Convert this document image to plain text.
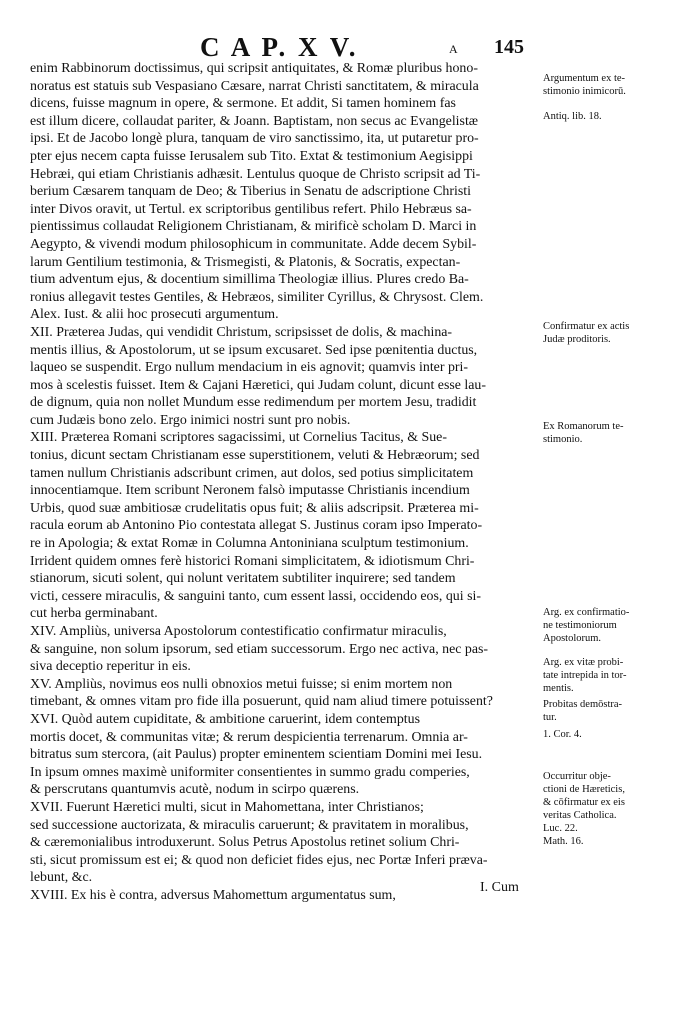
C A P. X V.	A 145

enim Rabbinorum doctissimus, qui scripsit antiquitates, & Romæ pluribus hono-

noratus est statuis sub Vespasiano Cæsare, narrat Christi sanctitatem, & miracula

dicens, fuisse magnum in opere, & sermone. Et addit, Si tamen hominem fas

est illum dicere, collaudat pariter, & Joann. Baptistam, non secus ac Evangelistæ

ipsi. Et de Jacobo longè plura, tanquam de viro sanctissimo, ita, ut putaretur pro-

pter ejus necem capta fuisse Ierusalem sub Tito. Extat & testimonium Aegisippi

Hebræi, qui etiam Christianis adhæsit. Lentulus quoque de Christo scripsit ad Ti-

berium Cæsarem tanquam de Deo; & Tiberius in Senatu de adscriptione Christi

inter Divos oravit, ut Tertul. ex scriptoribus gentilibus refert. Philo Hebræus sa-

pientissimus collaudat Religionem Christianam, & mirificè scholam D. Marci in

Aegypto, & vivendi modum philosophicum in communitate. Adde decem Sybil-

larum Gentilium testimonia, & Trismegisti, & Platonis, & Socratis, expectan-

tium adventum ejus, & docentium simillima Theologiæ illius. Plures credo Ba-

ronius allegavit testes Gentiles, & Hebræos, similiter Cyrillus, & Chrysost. Clem.

Alex. Iust. & alii hoc prosecuti argumentum.

XII. Præterea Judas, qui vendidit Christum, scripsisset de dolis, & machina-

mentis illius, & Apostolorum, ut se ipsum excusaret. Sed ipse pœnitentia ductus,

laqueo se suspendit. Ergo nullum mendacium in eis agnovit; quamvis inter pri-

mos à scelestis fuisset. Item & Cajani Hæretici, qui Judam colunt, dicunt esse lau-

de dignum, quia non nollet Mundum esse redimendum per mortem Jesu, tradidit

cum Judæis bono zelo. Ergo inimici nostri sunt pro nobis.

XIII. Præterea Romani scriptores sagacissimi, ut Cornelius Tacitus, & Sue-

tonius, dicunt sectam Christianam esse superstitionem, veluti & Hebræorum; sed

tamen nullum Christianis adscribunt crimen, aut dolos, sed potius simplicitatem

innocentiamque. Item scribunt Neronem falsò imputasse Christianis incendium

Urbis, quod suæ ambitiosæ crudelitatis opus fuit; & aliis adscripsit. Præterea mi-

racula eorum ab Antonino Pio contestata allegat S. Justinus coram ipso Imperato-

re in Apologia; & extat Romæ in Columna Antoniniana sculptum testimonium.

Irrident quidem omnes ferè historici Romani simplicitatem, & idiotismum Chri-

stianorum, sicuti solent, qui nolunt veritatem subtiliter inquirere; sed tandem

victi, cessere miraculis, & sanguini tanto, cum essent lassi, occidendo eos, qui si-

cut herba germinabant.

XIV. Ampliùs, universa Apostolorum contestificatio confirmatur miraculis,

& sanguine, non solum ipsorum, sed etiam successorum. Ergo nec activa, nec pas-

siva deceptio reperitur in eis.

XV. Ampliùs, novimus eos nulli obnoxios metui fuisse; si enim mortem non

timebant, & omnes vitam pro fide illa posuerunt, quid nam aliud timere potuissent?

XVI. Quòd autem cupiditate, & ambitione caruerint, idem contemptus

mortis docet, & communitas vitæ; & rerum despicientia terrenarum. Omnia ar-

bitratus sum stercora, (ait Paulus) propter eminentem scientiam Domini mei Iesu.

In ipsum omnes maximè uniformiter consentientes in summo gradu comperies,

& perscrutans quantumvis acutè, nodum in scirpo quærens.

XVII. Fuerunt Hæretici multi, sicut in Mahomettana, inter Christianos;

sed successione auctorizata, & miraculis caruerunt; & pravitatem in moralibus,

& cæremonialibus introduxerunt. Solus Petrus Apostolus retinet solium Chri-

sti, sicut promissum est ei; & quod non deficiet fides ejus, nec Portæ Inferi præva-

lebunt, &c.

XVIII. Ex his è contra, adversus Mahomettum argumentatus sum,

I. Cum
Argumentum ex te-
stimonio inimicorū.
Antiq. lib. 18.
Confirmatur ex actis
Judæ proditoris.
Ex Romanorum te-
stimonio.
Arg. ex confirmatio-
ne testimoniorum
Apostolorum.
Arg. ex vitæ probi-
tate intrepida in tor-
mentis.
Probitas demōstra-
tur.
1. Cor. 4.
Occurritur obje-
ctioni de Hæreticis,
& cōfirmatur ex eis
veritas Catholica.
Luc. 22.
Math. 16.
